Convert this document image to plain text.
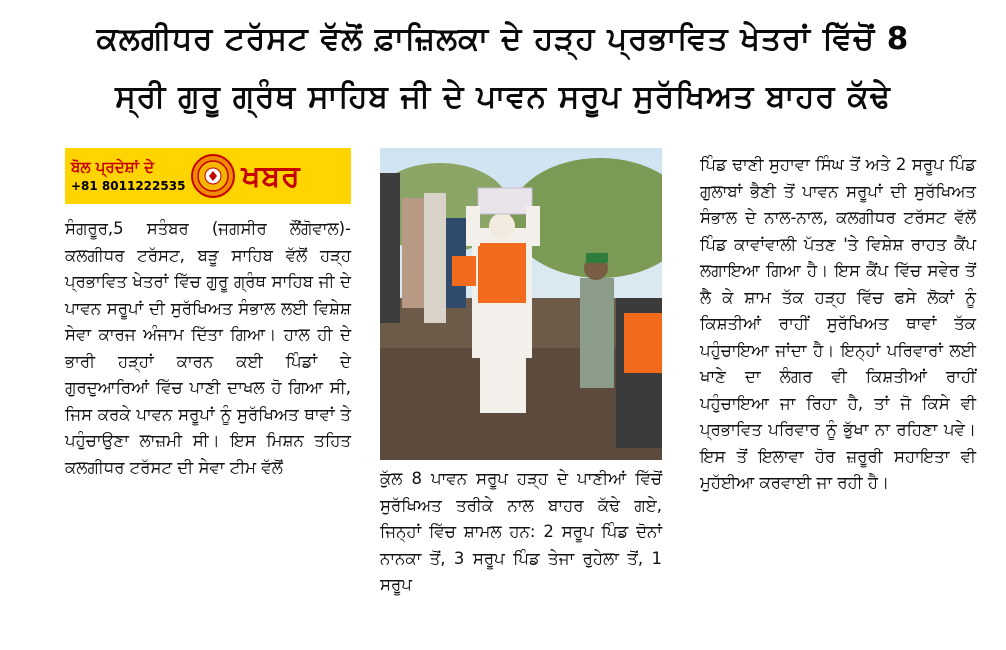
ਕਲਗੀਧਰ ਟਰੱਸਟ ਵੱਲੋਂ ਫ਼ਾਜ਼ਿਲਕਾ ਦੇ ਹੜ੍ਹ ਪ੍ਰਭਾਵਿਤ ਖੇਤਰਾਂ ਵਿੱਚੋਂ 8
ਸ੍ਰੀ ਗੁਰੂ ਗ੍ਰੰਥ ਸਾਹਿਬ ਜੀ ਦੇ ਪਾਵਨ ਸਰੂਪ ਸੁਰੱਖਿਅਤ ਬਾਹਰ ਕੱਢੇ
ਬੋਲ ਪ੍ਰਦੇਸ਼ਾਂ ਦੇ
+81 8011222535 ਖਬਰ

ਸੰਗਰੂਰ,5 ਸਤੰਬਰ (ਜਗਸੀਰ ਲੌਂਗੋਵਾਲ)- ਕਲਗੀਧਰ ਟਰੱਸਟ, ਬੜੂ ਸਾਹਿਬ ਵੱਲੋਂ ਹੜ੍ਹ ਪ੍ਰਭਾਵਿਤ ਖੇਤਰਾਂ ਵਿੱਚ ਗੁਰੂ ਗ੍ਰੰਥ ਸਾਹਿਬ ਜੀ ਦੇ ਪਾਵਨ ਸਰੂਪਾਂ ਦੀ ਸੁਰੱਖਿਅਤ ਸੰਭਾਲ ਲਈ ਵਿਸ਼ੇਸ਼ ਸੇਵਾ ਕਾਰਜ ਅੰਜਾਮ ਦਿੱਤਾ ਗਿਆ। ਹਾਲ ਹੀ ਦੇ ਭਾਰੀ ਹੜ੍ਹਾਂ ਕਾਰਨ ਕਈ ਪਿੰਡਾਂ ਦੇ ਗੁਰਦੁਆਰਿਆਂ ਵਿੱਚ ਪਾਣੀ ਦਾਖਲ ਹੋ ਗਿਆ ਸੀ, ਜਿਸ ਕਰਕੇ ਪਾਵਨ ਸਰੂਪਾਂ ਨੂੰ ਸੁਰੱਖਿਅਤ ਥਾਵਾਂ ਤੇ ਪਹੁੰਚਾਉਣਾ ਲਾਜ਼ਮੀ ਸੀ। ਇਸ ਮਿਸ਼ਨ ਤਹਿਤ ਕਲਗੀਧਰ ਟਰੱਸਟ ਦੀ ਸੇਵਾ ਟੀਮ ਵੱਲੋਂ

ਕੁੱਲ 8 ਪਾਵਨ ਸਰੂਪ ਹੜ੍ਹ ਦੇ ਪਾਣੀਆਂ ਵਿੱਚੋਂ ਸੁਰੱਖਿਅਤ ਤਰੀਕੇ ਨਾਲ ਬਾਹਰ ਕੱਢੇ ਗਏ, ਜਿਨ੍ਹਾਂ ਵਿੱਚ ਸ਼ਾਮਲ ਹਨ: 2 ਸਰੂਪ ਪਿੰਡ ਦੋਨਾਂ ਨਾਨਕਾ ਤੋਂ, 3 ਸਰੂਪ ਪਿੰਡ ਤੇਜਾ ਰੁਹੇਲਾ ਤੋਂ, 1 ਸਰੂਪ

ਪਿੰਡ ਢਾਣੀ ਸੁਹਾਵਾ ਸਿੰਘ ਤੋਂ ਅਤੇ 2 ਸਰੂਪ ਪਿੰਡ ਗੁਲਾਬਾਂ ਭੈਣੀ ਤੋਂ ਪਾਵਨ ਸਰੂਪਾਂ ਦੀ ਸੁਰੱਖਿਅਤ ਸੰਭਾਲ ਦੇ ਨਾਲ-ਨਾਲ, ਕਲਗੀਧਰ ਟਰੱਸਟ ਵੱਲੋਂ ਪਿੰਡ ਕਾਵਾਂਵਾਲੀ ਪੱਤਣ 'ਤੇ ਵਿਸ਼ੇਸ਼ ਰਾਹਤ ਕੈਂਪ ਲਗਾਇਆ ਗਿਆ ਹੈ। ਇਸ ਕੈਂਪ ਵਿੱਚ ਸਵੇਰ ਤੋਂ ਲੈ ਕੇ ਸ਼ਾਮ ਤੱਕ ਹੜ੍ਹ ਵਿੱਚ ਫਸੇ ਲੋਕਾਂ ਨੂੰ ਕਿਸ਼ਤੀਆਂ ਰਾਹੀਂ ਸੁਰੱਖਿਅਤ ਥਾਵਾਂ ਤੱਕ ਪਹੁੰਚਾਇਆ ਜਾਂਦਾ ਹੈ। ਇਨ੍ਹਾਂ ਪਰਿਵਾਰਾਂ ਲਈ ਖਾਣੇ ਦਾ ਲੰਗਰ ਵੀ ਕਿਸ਼ਤੀਆਂ ਰਾਹੀਂ ਪਹੁੰਚਾਇਆ ਜਾ ਰਿਹਾ ਹੈ, ਤਾਂ ਜੋ ਕਿਸੇ ਵੀ ਪ੍ਰਭਾਵਿਤ ਪਰਿਵਾਰ ਨੂੰ ਭੁੱਖਾ ਨਾ ਰਹਿਣਾ ਪਵੇ। ਇਸ ਤੋਂ ਇਲਾਵਾ ਹੋਰ ਜ਼ਰੂਰੀ ਸਹਾਇਤਾ ਵੀ ਮੁਹੱਈਆ ਕਰਵਾਈ ਜਾ ਰਹੀ ਹੈ।
